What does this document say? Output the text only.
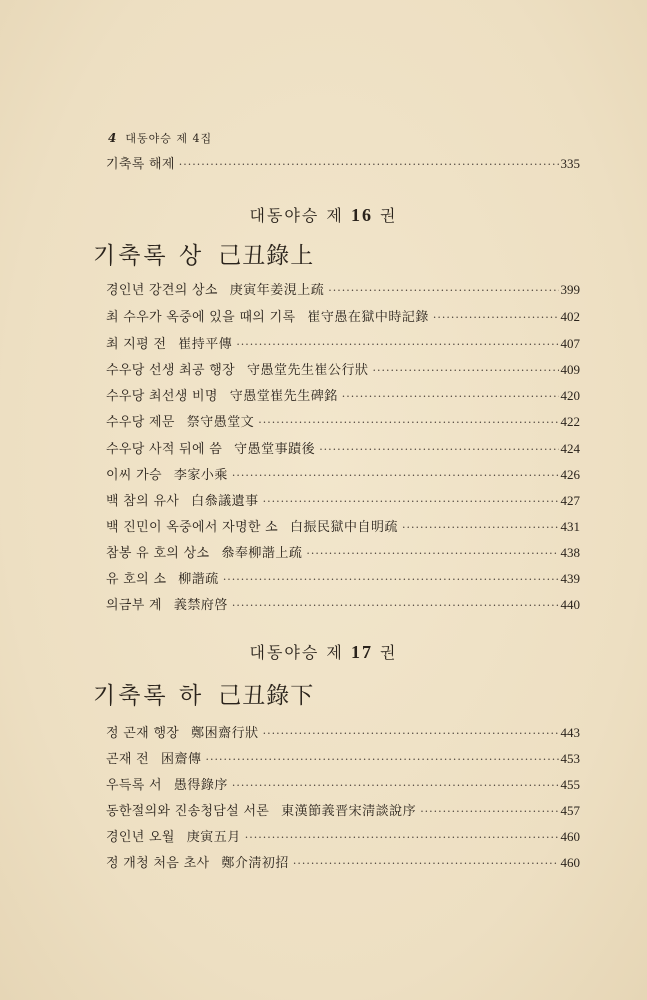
4 대동야승 제 4집
기축록 해제 ·····	335
대동야승 제 16 권
기축록 상 己丑錄上
경인년 강견의 상소 庚寅年姜涀上疏 ·····	399
최 수우가 옥중에 있을 때의 기록 崔守愚在獄中時記錄 ·····	402
최 지평 전 崔持平傳 ·····	407
수우당 선생 최공 행장 守愚堂先生崔公行狀 ·····	409
수우당 최선생 비명 守愚堂崔先生碑銘 ·····	420
수우당 제문 祭守愚堂文 ·····	422
수우당 사적 뒤에 씀 守愚堂事蹟後 ·····	424
이씨 가승 李家小乘 ·····	426
백 참의 유사 白叅議遺事 ·····	427
백 진민이 옥중에서 자명한 소 白振民獄中自明疏 ·····	431
참봉 유 호의 상소 叅奉柳諧上疏 ·····	438
유 호의 소 柳諧疏 ·····	439
의금부 계 義禁府啓 ·····	440
대동야승 제 17 권
기축록 하 己丑錄下
정 곤재 행장 鄭困齋行狀 ·····	443
곤재 전 困齋傳 ·····	453
우득록 서 愚得錄序 ·····	455
동한절의와 진송청담설 서론 東漢節義晋宋淸談說序 ·····	457
경인년 오월 庚寅五月 ·····	460
정 개청 처음 초사 鄭介淸初招 ·····	460
